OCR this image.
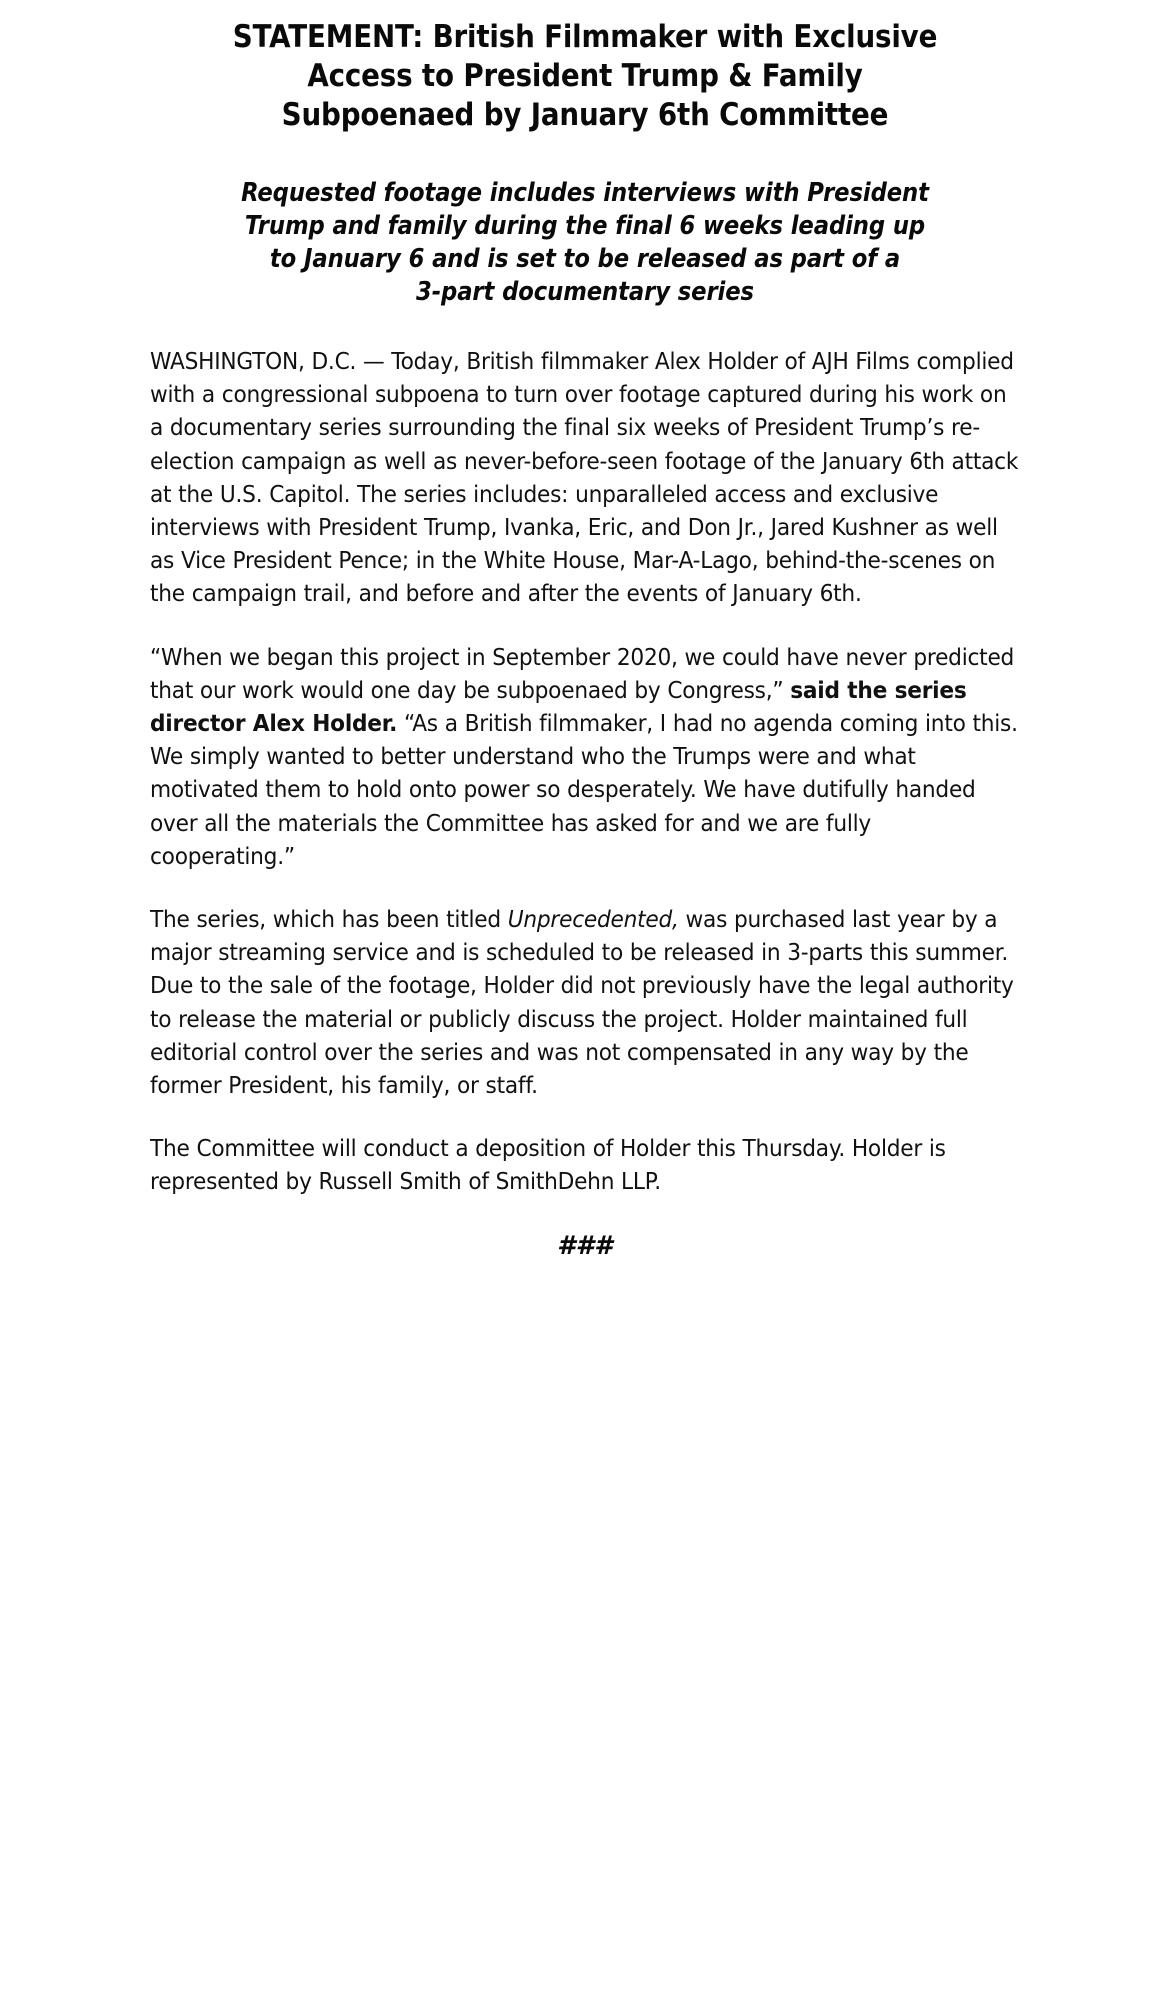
STATEMENT: British Filmmaker with Exclusive
Access to President Trump & Family
Subpoenaed by January 6th Committee
Requested footage includes interviews with President
Trump and family during the final 6 weeks leading up
to January 6 and is set to be released as part of a
3-part documentary series

WASHINGTON, D.C. — Today, British filmmaker Alex Holder of AJH Films complied with a congressional subpoena to turn over footage captured during his work on a documentary series surrounding the final six weeks of President Trump’s re-election campaign as well as never-before-seen footage of the January 6th attack at the U.S. Capitol. The series includes: unparalleled access and exclusive interviews with President Trump, Ivanka, Eric, and Don Jr., Jared Kushner as well as Vice President Pence; in the White House, Mar-A-Lago, behind-the-scenes on the campaign trail, and before and after the events of January 6th.

“When we began this project in September 2020, we could have never predicted that our work would one day be subpoenaed by Congress,” said the series director Alex Holder. “As a British filmmaker, I had no agenda coming into this. We simply wanted to better understand who the Trumps were and what motivated them to hold onto power so desperately. We have dutifully handed over all the materials the Committee has asked for and we are fully cooperating.”

The series, which has been titled Unprecedented, was purchased last year by a major streaming service and is scheduled to be released in 3-parts this summer. Due to the sale of the footage, Holder did not previously have the legal authority to release the material or publicly discuss the project. Holder maintained full editorial control over the series and was not compensated in any way by the former President, his family, or staff.

The Committee will conduct a deposition of Holder this Thursday. Holder is represented by Russell Smith of SmithDehn LLP.

###
